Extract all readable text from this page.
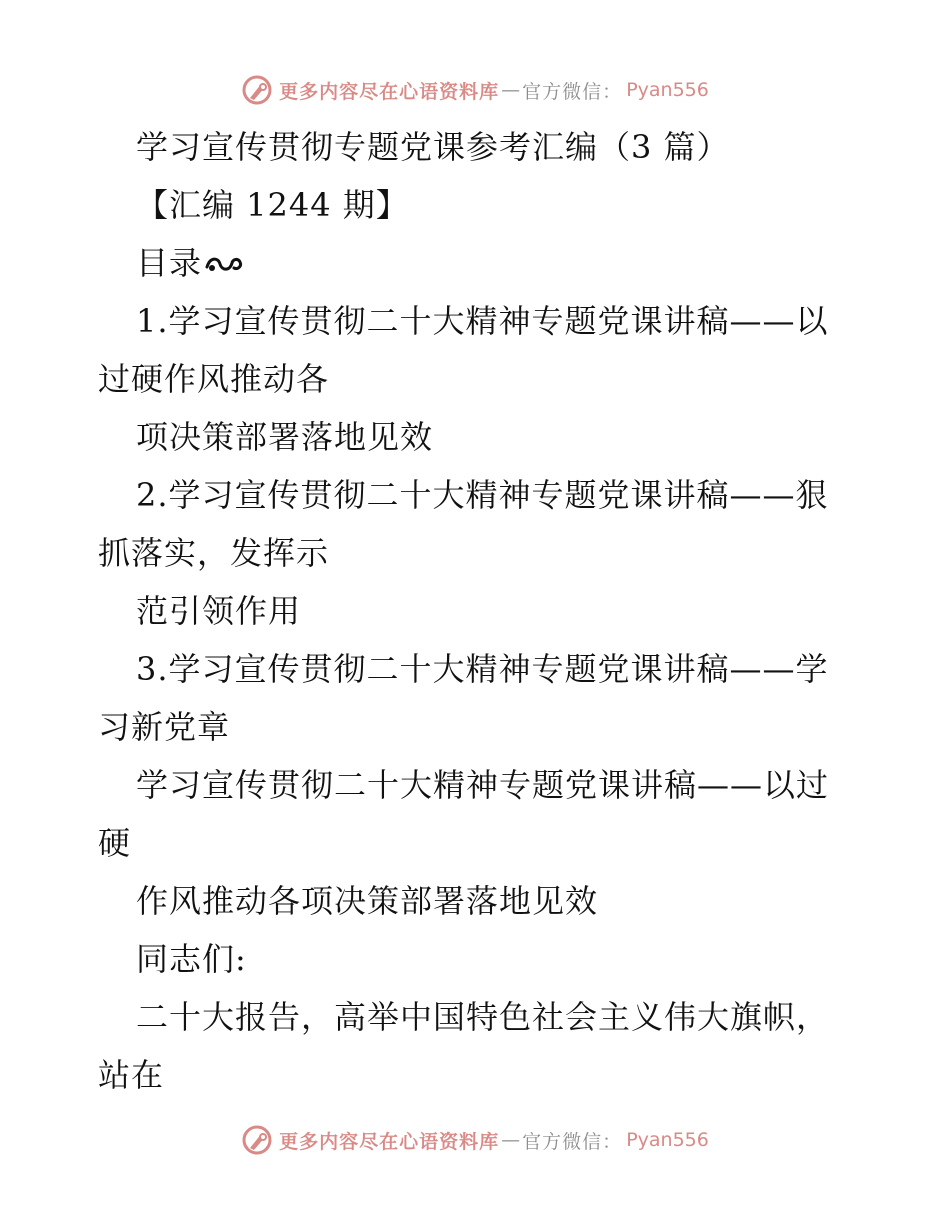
更多内容尽在心语资料库 — 官方微信： Pyan556
学习宣传贯彻专题党课参考汇编（3 篇）
【汇编 1244 期】
目录
1.学习宣传贯彻二十大精神专题党课讲稿——以
过硬作风推动各
项决策部署落地见效
2.学习宣传贯彻二十大精神专题党课讲稿——狠
抓落实，发挥示
范引领作用
3.学习宣传贯彻二十大精神专题党课讲稿——学
习新党章
学习宣传贯彻二十大精神专题党课讲稿——以过
硬
作风推动各项决策部署落地见效
同志们:
二十大报告，高举中国特色社会主义伟大旗帜，
站在
更多内容尽在心语资料库 — 官方微信： Pyan556
